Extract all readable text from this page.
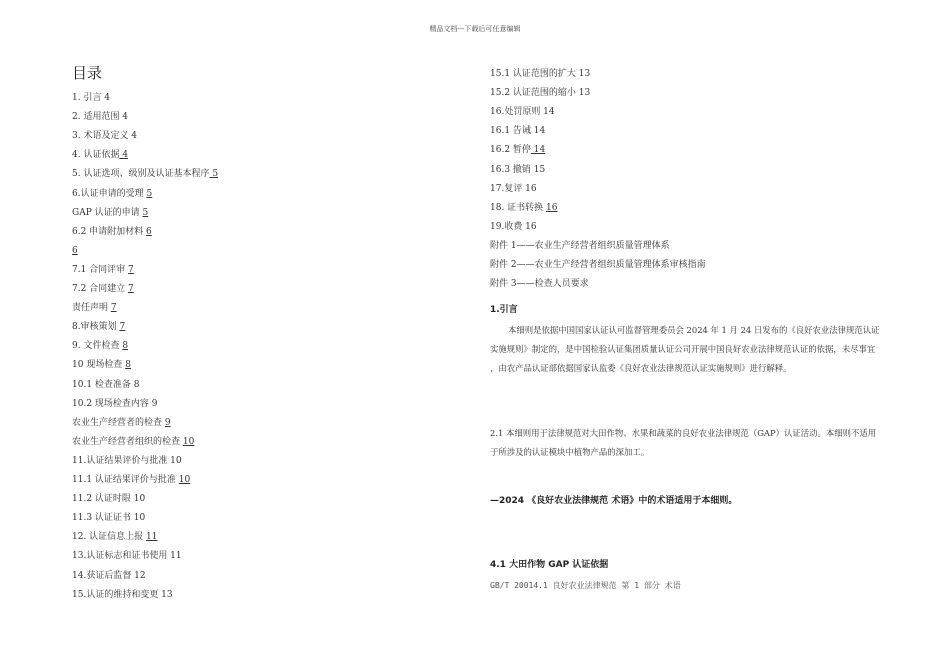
精品文档---下载后可任意编辑
目录
1. 引言 4
2. 适用范围 4
3. 术语及定义 4
4. 认证依据 4
5. 认证选项、级别及认证基本程序 5
6.认证申请的受理 5
GAP 认证的申请 5
6.2 申请附加材料 6
6
7.1 合同评审 7
7.2 合同建立 7
责任声明 7
8.审核策划 7
9. 文件检查 8
10 现场检查 8
10.1 检查准备 8
10.2 现场检查内容 9
农业生产经营者的检查 9
农业生产经营者组织的检查 10
11.认证结果评价与批准 10
11.1 认证结果评价与批准 10
11.2 认证时限 10
11.3 认证证书 10
12. 认证信息上报 11
13.认证标志和证书使用 11
14.获证后监督 12
15.认证的维持和变更 13
15.1 认证范围的扩大 13
15.2 认证范围的缩小 13
16.处罚原则 14
16.1 告诫 14
16.2 暂停 14
16.3 撤销 15
17.复评 16
18. 证书转换 16
19.收费 16
附件 1——农业生产经营者组织质量管理体系
附件 2——农业生产经营者组织质量管理体系审核指南
附件 3——检查人员要求
1.引言
本细则是依据中国国家认证认可监督管理委员会 2024 年 1 月 24 日发布的《良好农业法律规范认证实施规则》制定的，是中国检验认证集团质量认证公司开展中国良好农业法律规范认证的依据，未尽事宜 ，由农产品认证部依据国家认监委《良好农业法律规范认证实施规则》进行解释。
2.1 本细则用于法律规范对大田作物、水果和蔬菜的良好农业法律规范（GAP）认证活动。本细则不适用于所涉及的认证模块中植物产品的深加工。
—2024 《良好农业法律规范 术语》中的术语适用于本细则。
4.1 大田作物 GAP 认证依据
GB/T 20014.1 良好农业法律规范 第 1 部分 术语
